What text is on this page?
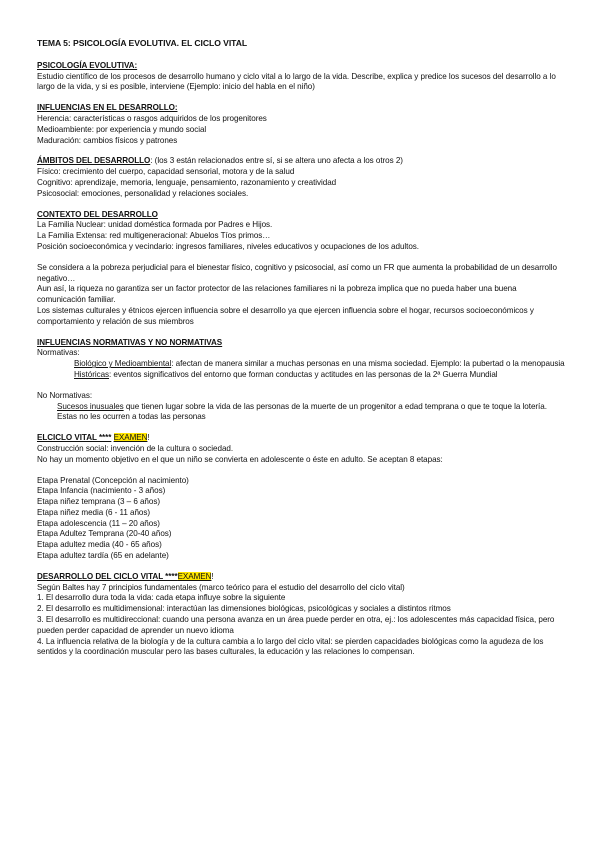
TEMA 5: PSICOLOGÍA EVOLUTIVA. EL CICLO VITAL
PSICOLOGÍA EVOLUTIVA:

Estudio científico de los procesos de desarrollo humano y ciclo vital a lo largo de la vida. Describe, explica y predice los sucesos del desarrollo a lo largo de la vida, y si es posible, interviene (Ejemplo: inicio del habla en el niño)

INFLUENCIAS EN EL DESARROLLO:
Herencia: características o rasgos adquiridos de los progenitores
Medioambiente: por experiencia y mundo social
Maduración: cambios físicos y patrones
ÁMBITOS DEL DESARROLLO: (los 3 están relacionados entre sí, si se altera uno afecta a los otros 2)
Físico: crecimiento del cuerpo, capacidad sensorial, motora y de la salud
Cognitivo: aprendizaje, memoria, lenguaje, pensamiento, razonamiento y creatividad
Psicosocial: emociones, personalidad y relaciones sociales.
CONTEXTO DEL DESARROLLO
La Familia Nuclear: unidad doméstica formada por Padres e Hijos.
La Familia Extensa: red multigeneracional: Abuelos Tíos primos…
Posición socioeconómica y vecindario: ingresos familiares, niveles educativos y ocupaciones de los adultos.

Se considera a la pobreza perjudicial para el bienestar físico, cognitivo y psicosocial, así como un FR que aumenta la probabilidad de un desarrollo negativo…

Aun así, la riqueza no garantiza ser un factor protector de las relaciones familiares ni la pobreza implica que no pueda haber una buena comunicación familiar.

Los sistemas culturales y étnicos ejercen influencia sobre el desarrollo ya que ejercen influencia sobre el hogar, recursos socioeconómicos y comportamiento y relación de sus miembros

INFLUENCIAS NORMATIVAS Y NO NORMATIVAS
Normativas:
Biológico y Medioambiental: afectan de manera similar a muchas personas en una misma sociedad. Ejemplo: la pubertad o la menopausia
Históricas: eventos significativos del entorno que forman conductas y actitudes en las personas de la 2ª Guerra Mundial
No Normativas:
Sucesos inusuales que tienen lugar sobre la vida de las personas de la muerte de un progenitor a edad temprana o que te toque la lotería. Estas no les ocurren a todas las personas
ELCICLO VITAL **** EXAMEN!
Construcción social: invención de la cultura o sociedad.
No hay un momento objetivo en el que un niño se convierta en adolescente o éste en adulto. Se aceptan 8 etapas:
Etapa Prenatal (Concepción al nacimiento)
Etapa Infancia (nacimiento - 3 años)
Etapa niñez temprana (3 – 6 años)
Etapa niñez media (6 - 11 años)
Etapa adolescencia (11 – 20 años)
Etapa Adultez Temprana (20-40 años)
Etapa adultez media (40 - 65 años)
Etapa adultez tardía (65 en adelante)
DESARROLLO DEL CICLO VITAL ****EXAMEN!
Según Baltes hay 7 principios fundamentales (marco teórico para el estudio del desarrollo del ciclo vital)
1. El desarrollo dura toda la vida: cada etapa influye sobre la siguiente
2. El desarrollo es multidimensional: interactúan las dimensiones biológicas, psicológicas y sociales a distintos ritmos
3. El desarrollo es multidireccional: cuando una persona avanza en un área puede perder en otra, ej.: los adolescentes más capacidad física, pero pueden perder capacidad de aprender un nuevo idioma
4. La influencia relativa de la biología y de la cultura cambia a lo largo del ciclo vital: se pierden capacidades biológicas como la agudeza de los sentidos y la coordinación muscular pero las bases culturales, la educación y las relaciones lo compensan.
